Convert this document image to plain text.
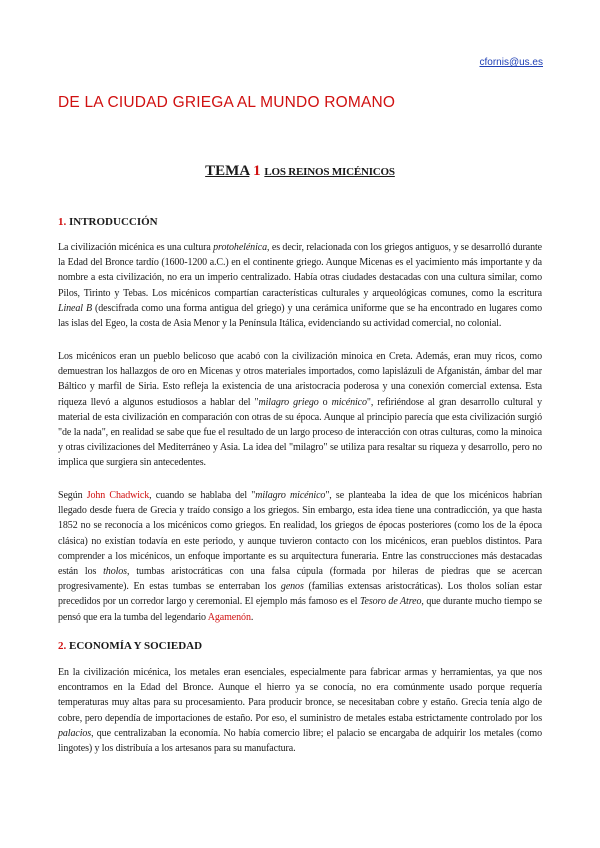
cfornis@us.es
DE LA CIUDAD GRIEGA AL MUNDO ROMANO
TEMA 1 LOS REINOS MICÉNICOS
1. INTRODUCCIÓN

La civilización micénica es una cultura protohelénica, es decir, relacionada con los griegos antiguos, y se desarrolló durante la Edad del Bronce tardío (1600-1200 a.C.) en el continente griego. Aunque Micenas es el yacimiento más importante y da nombre a esta civilización, no era un imperio centralizado. Había otras ciudades destacadas con una cultura similar, como Pilos, Tirinto y Tebas. Los micénicos compartían características culturales y arqueológicas comunes, como la escritura Lineal B (descifrada como una forma antigua del griego) y una cerámica uniforme que se ha encontrado en lugares como las islas del Egeo, la costa de Asia Menor y la Península Itálica, evidenciando su actividad comercial, no colonial.

Los micénicos eran un pueblo belicoso que acabó con la civilización minoica en Creta. Además, eran muy ricos, como demuestran los hallazgos de oro en Micenas y otros materiales importados, como lapislázuli de Afganistán, ámbar del mar Báltico y marfil de Siria. Esto refleja la existencia de una aristocracia poderosa y una conexión comercial extensa. Esta riqueza llevó a algunos estudiosos a hablar del "milagro griego o micénico", refiriéndose al gran desarrollo cultural y material de esta civilización en comparación con otras de su época. Aunque al principio parecía que esta civilización surgió "de la nada", en realidad se sabe que fue el resultado de un largo proceso de interacción con otras culturas, como la minoica y otras civilizaciones del Mediterráneo y Asia. La idea del "milagro" se utiliza para resaltar su riqueza y desarrollo, pero no implica que surgiera sin antecedentes.

Según John Chadwick, cuando se hablaba del "milagro micénico", se planteaba la idea de que los micénicos habrían llegado desde fuera de Grecia y traído consigo a los griegos. Sin embargo, esta idea tiene una contradicción, ya que hasta 1852 no se reconocía a los micénicos como griegos. En realidad, los griegos de épocas posteriores (como los de la época clásica) no existían todavía en este periodo, y aunque tuvieron contacto con los micénicos, eran pueblos distintos. Para comprender a los micénicos, un enfoque importante es su arquitectura funeraria. Entre las construcciones más destacadas están los tholos, tumbas aristocráticas con una falsa cúpula (formada por hileras de piedras que se acercan progresivamente). En estas tumbas se enterraban los genos (familias extensas aristocráticas). Los tholos solían estar precedidos por un corredor largo y ceremonial. El ejemplo más famoso es el Tesoro de Atreo, que durante mucho tiempo se pensó que era la tumba del legendario Agamenón.

2. ECONOMÍA Y SOCIEDAD

En la civilización micénica, los metales eran esenciales, especialmente para fabricar armas y herramientas, ya que nos encontramos en la Edad del Bronce. Aunque el hierro ya se conocía, no era comúnmente usado porque requería temperaturas muy altas para su procesamiento. Para producir bronce, se necesitaban cobre y estaño. Grecia tenía algo de cobre, pero dependía de importaciones de estaño. Por eso, el suministro de metales estaba estrictamente controlado por los palacios, que centralizaban la economía. No había comercio libre; el palacio se encargaba de adquirir los metales (como lingotes) y los distribuía a los artesanos para su manufactura.
